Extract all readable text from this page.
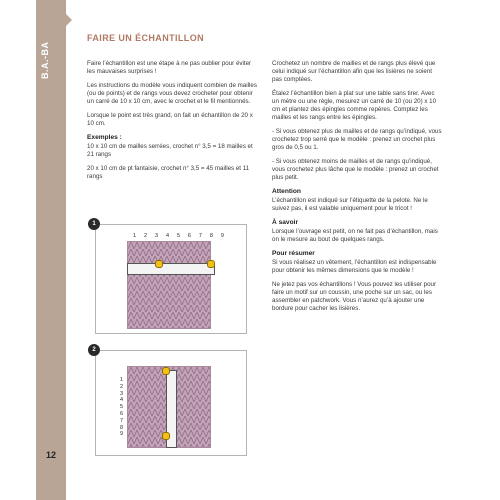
B.A.-BA
12
FAIRE UN ÉCHANTILLON

Faire l’échantillon est une étape à ne pas oublier pour éviter les mauvaises surprises !

Les instructions du modèle vous indiquent combien de mailles (ou de points) et de rangs vous devez crocheter pour obtenir un carré de 10 x 10 cm, avec le crochet et le fil mentionnés.

Lorsque le point est très grand, on fait un échantillon de 20 x 10 cm.

Exemples :

10 x 10 cm de mailles serrées, crochet n° 3,5 = 18 mailles et 21 rangs

20 x 10 cm de pt fantaisie, crochet n° 3,5 = 45 mailles et 11 rangs

Crochetez un nombre de mailles et de rangs plus élevé que celui indiqué sur l’échantillon afin que les lisières ne soient pas comptées.

Étalez l’échantillon bien à plat sur une table sans tirer. Avec un mètre ou une règle, mesurez un carré de 10 (ou 20) x 10 cm et plantez des épingles comme repères. Comptez les mailles et les rangs entre les épingles.

- Si vous obtenez plus de mailles et de rangs qu’indiqué, vous crochetez trop serré que le modèle : prenez un crochet plus gros de 0,5 ou 1.

- Si vous obtenez moins de mailles et de rangs qu’indiqué, vous crochetez plus lâche que le modèle : prenez un crochet plus petit.

Attention

L’échantillon est indiqué sur l’étiquette de la pelote. Ne le suivez pas, il est valable uniquement pour le tricot !

À savoir

Lorsque l’ouvrage est petit, on ne fait pas d’échantillon, mais on le mesure au bout de quelques rangs.

Pour résumer

Si vous réalisez un vêtement, l’échantillon est indispensable pour obtenir les mêmes dimensions que le modèle !

Ne jetez pas vos échantillons ! Vous pouvez les utiliser pour faire un motif sur un coussin, une poche sur un sac, ou les assembler en patchwork. Vous n’aurez qu’à ajouter une bordure pour cacher les lisières.

1
1 2 3 4 5 6 7 8 9
2
1
2
3
4
5
6
7
8
9
